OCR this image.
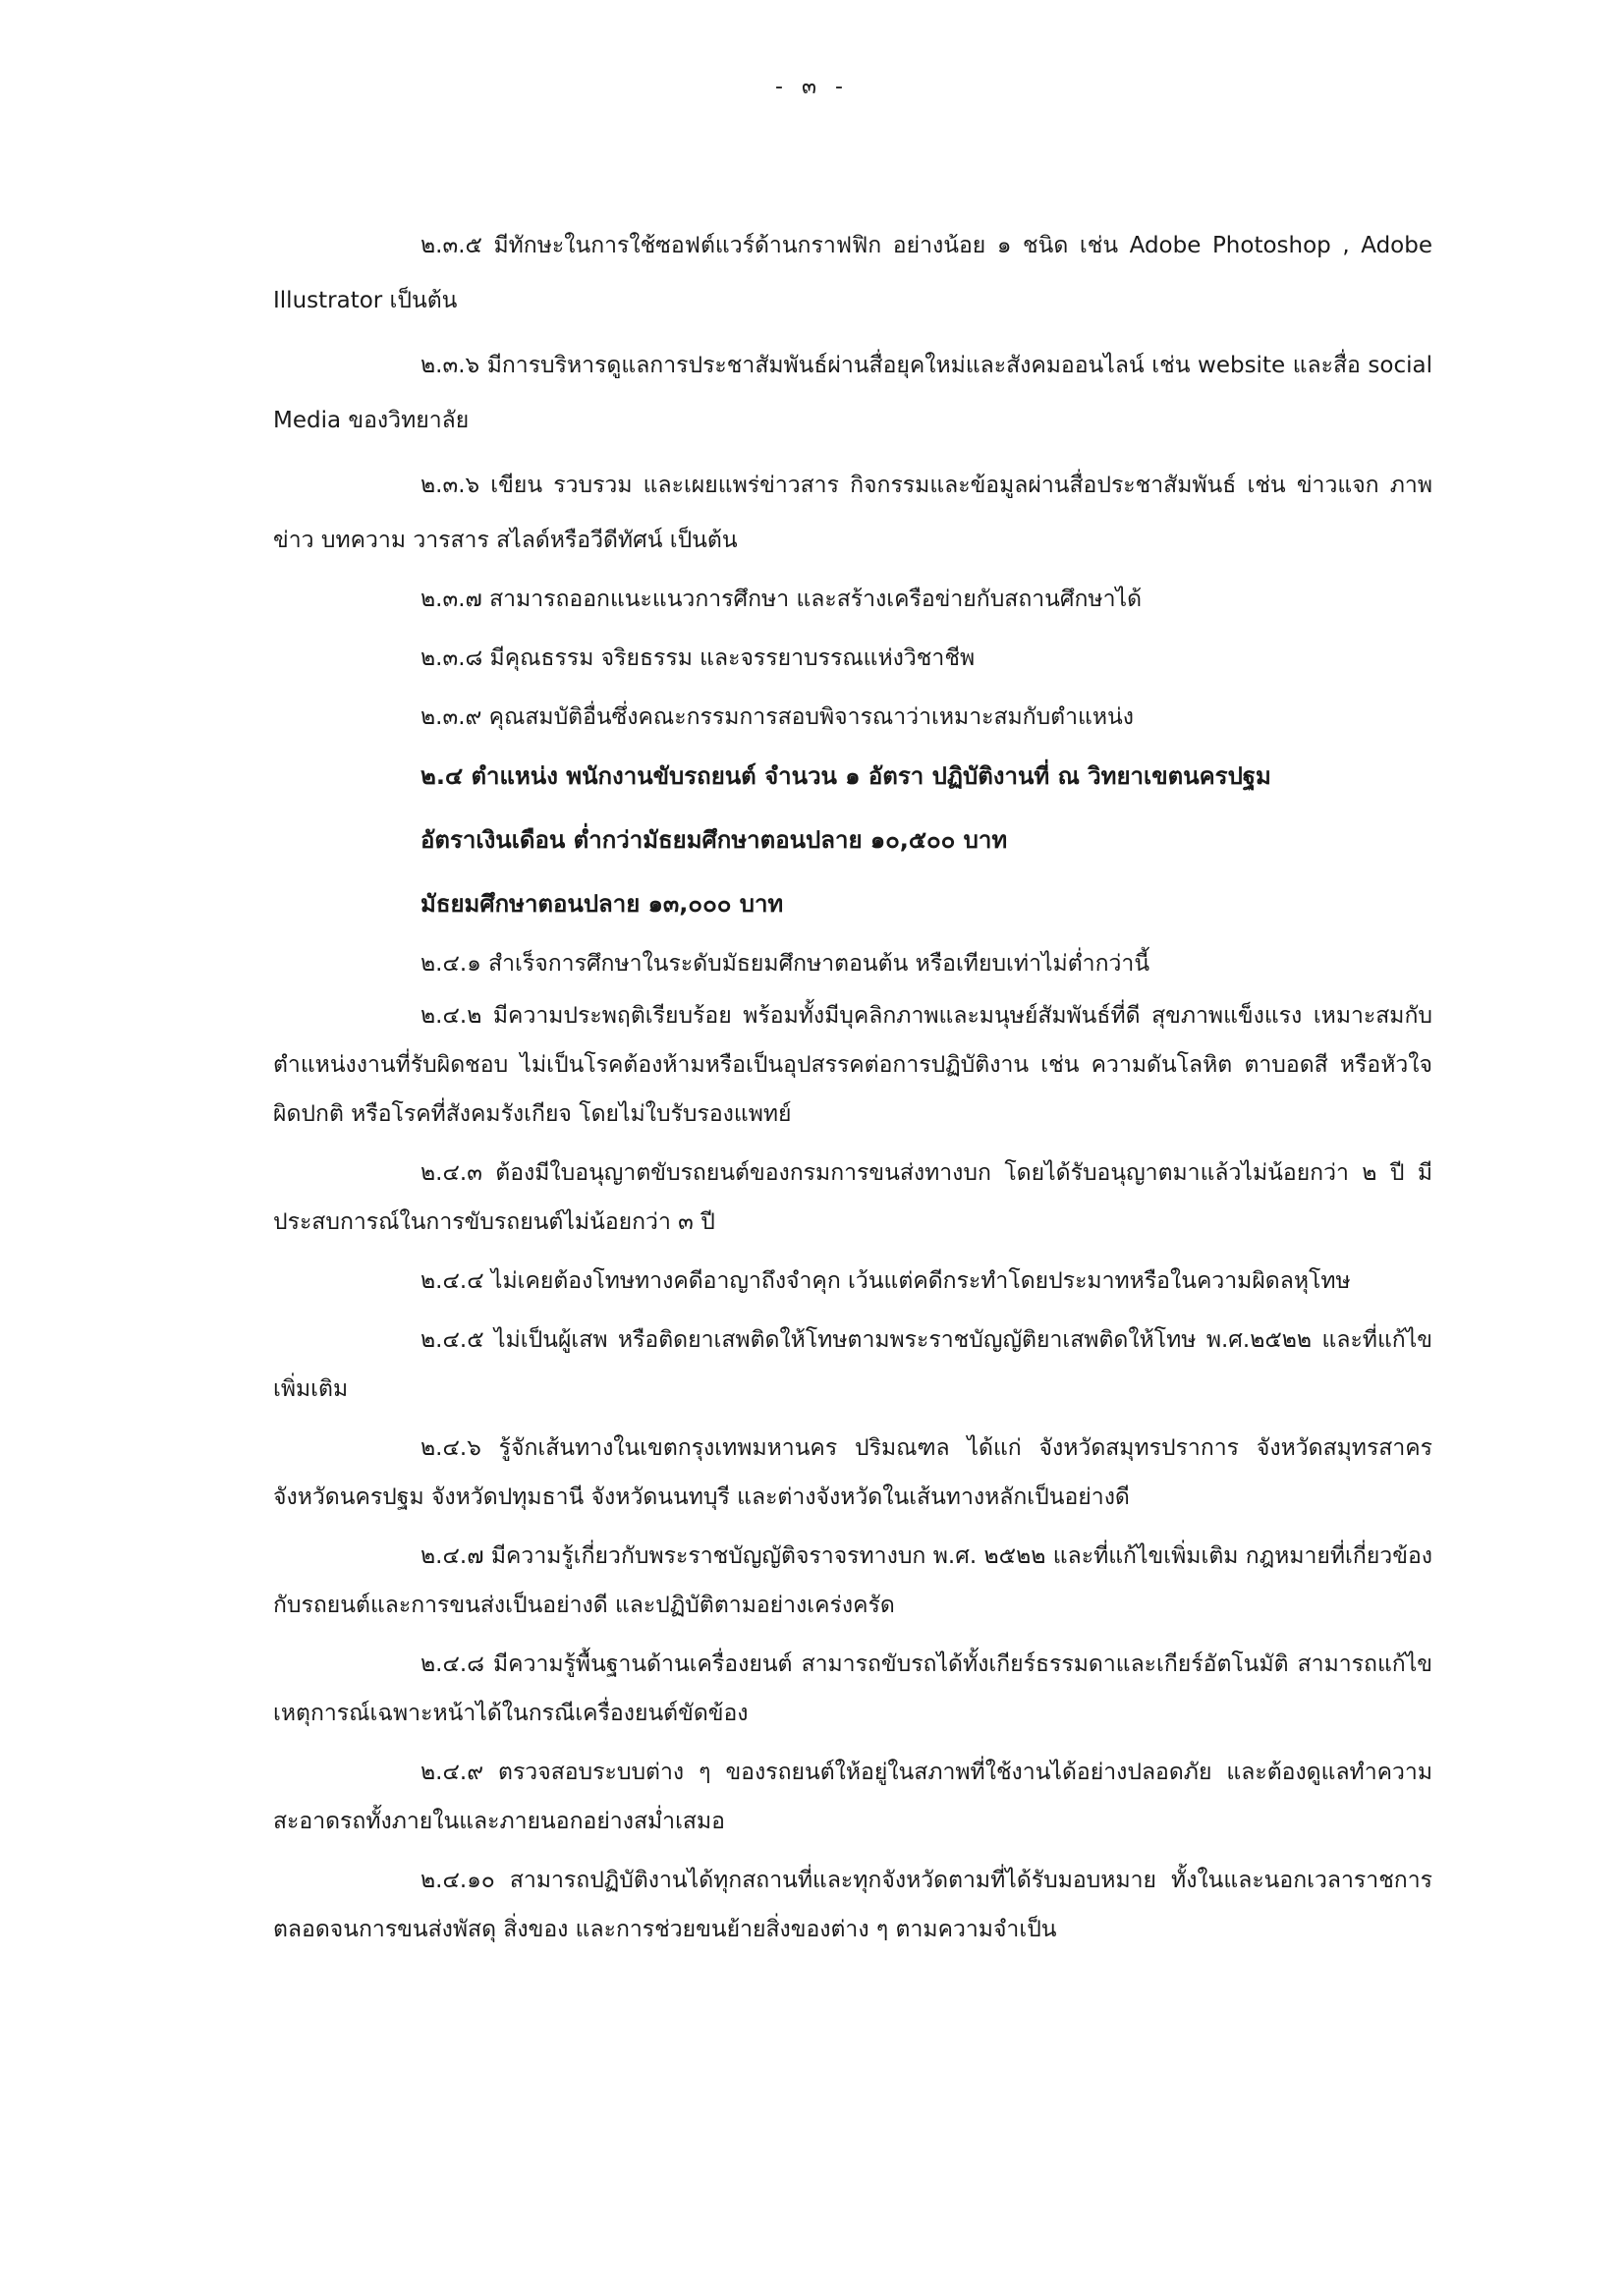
- ๓ -

๒.๓.๕ มีทักษะในการใช้ซอฟต์แวร์ด้านกราฟฟิก อย่างน้อย ๑ ชนิด เช่น Adobe Photoshop , Adobe Illustrator เป็นต้น

๒.๓.๖ มีการบริหารดูแลการประชาสัมพันธ์ผ่านสื่อยุคใหม่และสังคมออนไลน์ เช่น website และสื่อ social Media ของวิทยาลัย

๒.๓.๖ เขียน รวบรวม และเผยแพร่ข่าวสาร กิจกรรมและข้อมูลผ่านสื่อประชาสัมพันธ์ เช่น ข่าวแจก ภาพข่าว บทความ วารสาร สไลด์หรือวีดีทัศน์ เป็นต้น

๒.๓.๗ สามารถออกแนะแนวการศึกษา และสร้างเครือข่ายกับสถานศึกษาได้

๒.๓.๘ มีคุณธรรม จริยธรรม และจรรยาบรรณแห่งวิชาชีพ

๒.๓.๙ คุณสมบัติอื่นซึ่งคณะกรรมการสอบพิจารณาว่าเหมาะสมกับตำแหน่ง

๒.๔ ตำแหน่ง พนักงานขับรถยนต์ จำนวน ๑ อัตรา ปฏิบัติงานที่ ณ วิทยาเขตนครปฐม

อัตราเงินเดือน ต่ำกว่ามัธยมศึกษาตอนปลาย ๑๐,๕๐๐ บาท

มัธยมศึกษาตอนปลาย ๑๓,๐๐๐ บาท

๒.๔.๑ สำเร็จการศึกษาในระดับมัธยมศึกษาตอนต้น หรือเทียบเท่าไม่ต่ำกว่านี้

๒.๔.๒ มีความประพฤติเรียบร้อย พร้อมทั้งมีบุคลิกภาพและมนุษย์สัมพันธ์ที่ดี สุขภาพแข็งแรง เหมาะสมกับตำแหน่งงานที่รับผิดชอบ ไม่เป็นโรคต้องห้ามหรือเป็นอุปสรรคต่อการปฏิบัติงาน เช่น ความดันโลหิต ตาบอดสี หรือหัวใจผิดปกติ หรือโรคที่สังคมรังเกียจ โดยไม่ใบรับรองแพทย์

๒.๔.๓ ต้องมีใบอนุญาตขับรถยนต์ของกรมการขนส่งทางบก โดยได้รับอนุญาตมาแล้วไม่น้อยกว่า ๒ ปี มีประสบการณ์ในการขับรถยนต์ไม่น้อยกว่า ๓ ปี

๒.๔.๔ ไม่เคยต้องโทษทางคดีอาญาถึงจำคุก เว้นแต่คดีกระทำโดยประมาทหรือในความผิดลหุโทษ

๒.๔.๕ ไม่เป็นผู้เสพ หรือติดยาเสพติดให้โทษตามพระราชบัญญัติยาเสพติดให้โทษ พ.ศ.๒๕๒๒ และที่แก้ไขเพิ่มเติม

๒.๔.๖ รู้จักเส้นทางในเขตกรุงเทพมหานคร ปริมณฑล ได้แก่ จังหวัดสมุทรปราการ จังหวัดสมุทรสาคร จังหวัดนครปฐม จังหวัดปทุมธานี จังหวัดนนทบุรี และต่างจังหวัดในเส้นทางหลักเป็นอย่างดี

๒.๔.๗ มีความรู้เกี่ยวกับพระราชบัญญัติจราจรทางบก พ.ศ. ๒๕๒๒ และที่แก้ไขเพิ่มเติม กฎหมายที่เกี่ยวข้องกับรถยนต์และการขนส่งเป็นอย่างดี และปฏิบัติตามอย่างเคร่งครัด

๒.๔.๘ มีความรู้พื้นฐานด้านเครื่องยนต์ สามารถขับรถได้ทั้งเกียร์ธรรมดาและเกียร์อัตโนมัติ สามารถแก้ไขเหตุการณ์เฉพาะหน้าได้ในกรณีเครื่องยนต์ขัดข้อง

๒.๔.๙ ตรวจสอบระบบต่าง ๆ ของรถยนต์ให้อยู่ในสภาพที่ใช้งานได้อย่างปลอดภัย และต้องดูแลทำความสะอาดรถทั้งภายในและภายนอกอย่างสม่ำเสมอ

๒.๔.๑๐ สามารถปฏิบัติงานได้ทุกสถานที่และทุกจังหวัดตามที่ได้รับมอบหมาย ทั้งในและนอกเวลาราชการ ตลอดจนการขนส่งพัสดุ สิ่งของ และการช่วยขนย้ายสิ่งของต่าง ๆ ตามความจำเป็น
